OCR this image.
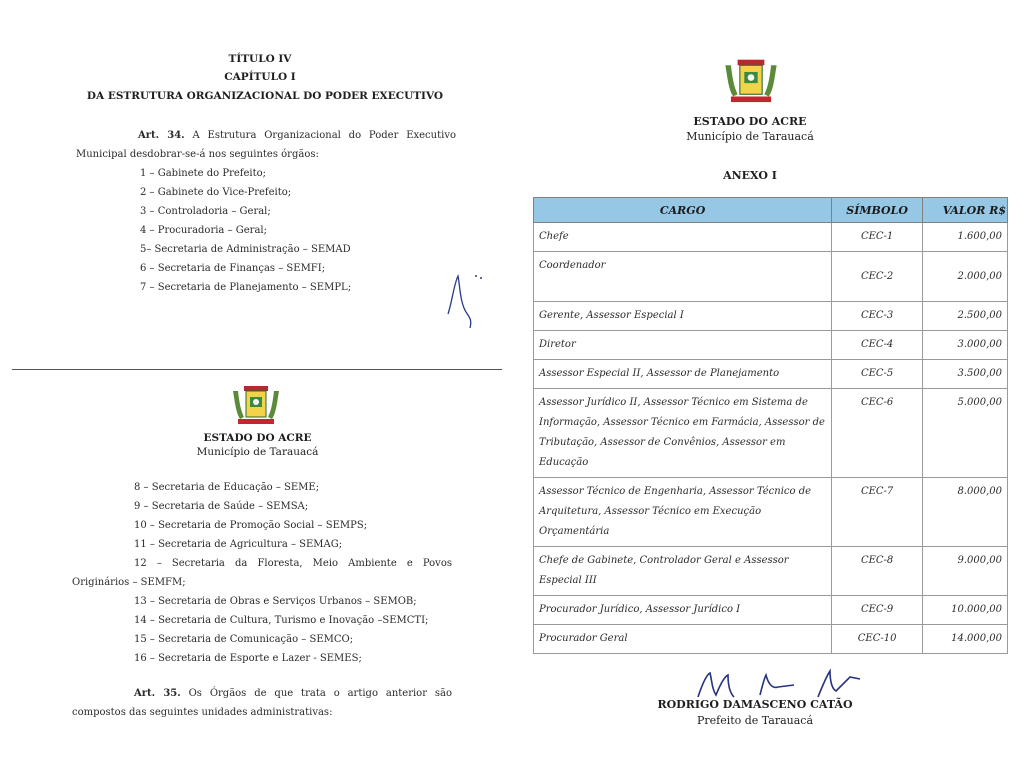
TÍTULO IV
CAPÍTULO I
DA ESTRUTURA ORGANIZACIONAL DO PODER EXECUTIVO
Art. 34. A Estrutura Organizacional do Poder Executivo Municipal desdobrar-se-á nos seguintes órgãos:
1 – Gabinete do Prefeito;
2 – Gabinete do Vice-Prefeito;
3 – Controladoria – Geral;
4 – Procuradoria – Geral;
5– Secretaria de Administração – SEMAD
6 – Secretaria de Finanças – SEMFI;
7 – Secretaria de Planejamento – SEMPL;
ESTADO DO ACRE
Município de Tarauacá
8 – Secretaria de Educação – SEME;
9 – Secretaria de Saúde – SEMSA;
10 – Secretaria de Promoção Social – SEMPS;
11 – Secretaria de Agricultura – SEMAG;
12 – Secretaria da Floresta, Meio Ambiente e Povos
Originários – SEMFM;
13 – Secretaria de Obras e Serviços Urbanos – SEMOB;
14 – Secretaria de Cultura, Turismo e Inovação –SEMCTI;
15 – Secretaria de Comunicação – SEMCO;
16 – Secretaria de Esporte e Lazer - SEMES;
Art. 35. Os Órgãos de que trata o artigo anterior são compostos das seguintes unidades administrativas:
ESTADO DO ACRE
Município de Tarauacá
ANEXO I
CARGO	SÍMBOLO	VALOR R$
Chefe	CEC-1	1.600,00
Coordenador	CEC-2	2.000,00
Gerente, Assessor Especial I	CEC-3	2.500,00
Diretor	CEC-4	3.000,00
Assessor Especial II, Assessor de Planejamento	CEC-5	3.500,00
Assessor Jurídico II, Assessor Técnico em Sistema de Informação, Assessor Técnico em Farmácia, Assessor de Tributação, Assessor de Convênios, Assessor em Educação	CEC-6	5.000,00
Assessor Técnico de Engenharia, Assessor Técnico de Arquitetura, Assessor Técnico em Execução Orçamentária	CEC-7	8.000,00
Chefe de Gabinete, Controlador Geral e Assessor Especial III	CEC-8	9.000,00
Procurador Jurídico, Assessor Jurídico I	CEC-9	10.000,00
Procurador Geral	CEC-10	14.000,00
RODRIGO DAMASCENO CATÃO
Prefeito de Tarauacá
